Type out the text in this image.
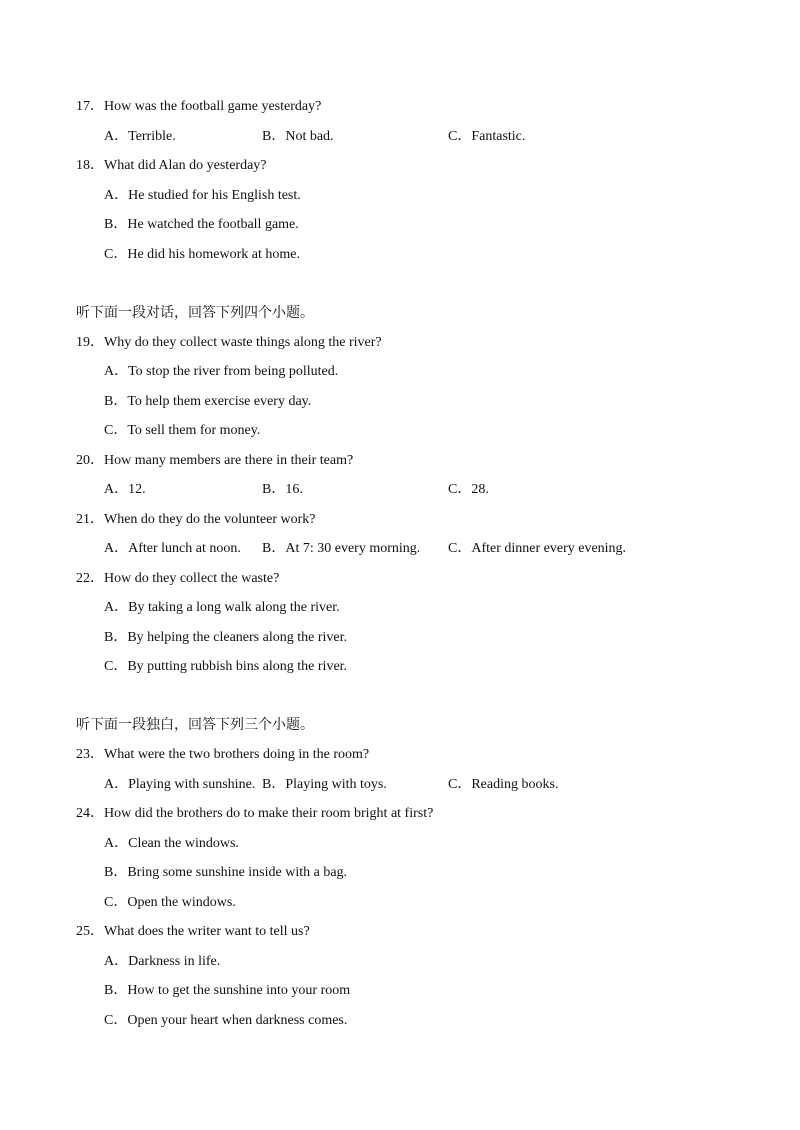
17．How was the football game yesterday?
A．Terrible.	B．Not bad.	C．Fantastic.
18．What did Alan do yesterday?
A．He studied for his English test.
B．He watched the football game.
C．He did his homework at home.
听下面一段对话，回答下列四个小题。
19．Why do they collect waste things along the river?
A．To stop the river from being polluted.
B．To help them exercise every day.
C．To sell them for money.
20．How many members are there in their team?
A．12.	B．16.	C．28.
21．When do they do the volunteer work?
A．After lunch at noon. B．At 7: 30 every morning. C．After dinner every evening.
22．How do they collect the waste?
A．By taking a long walk along the river.
B．By helping the cleaners along the river.
C．By putting rubbish bins along the river.
听下面一段独白，回答下列三个小题。
23．What were the two brothers doing in the room?
A．Playing with sunshine. B．Playing with toys.	C．Reading books.
24．How did the brothers do to make their room bright at first?
A．Clean the windows.
B．Bring some sunshine inside with a bag.
C．Open the windows.
25．What does the writer want to tell us?
A．Darkness in life.
B．How to get the sunshine into your room
C．Open your heart when darkness comes.
